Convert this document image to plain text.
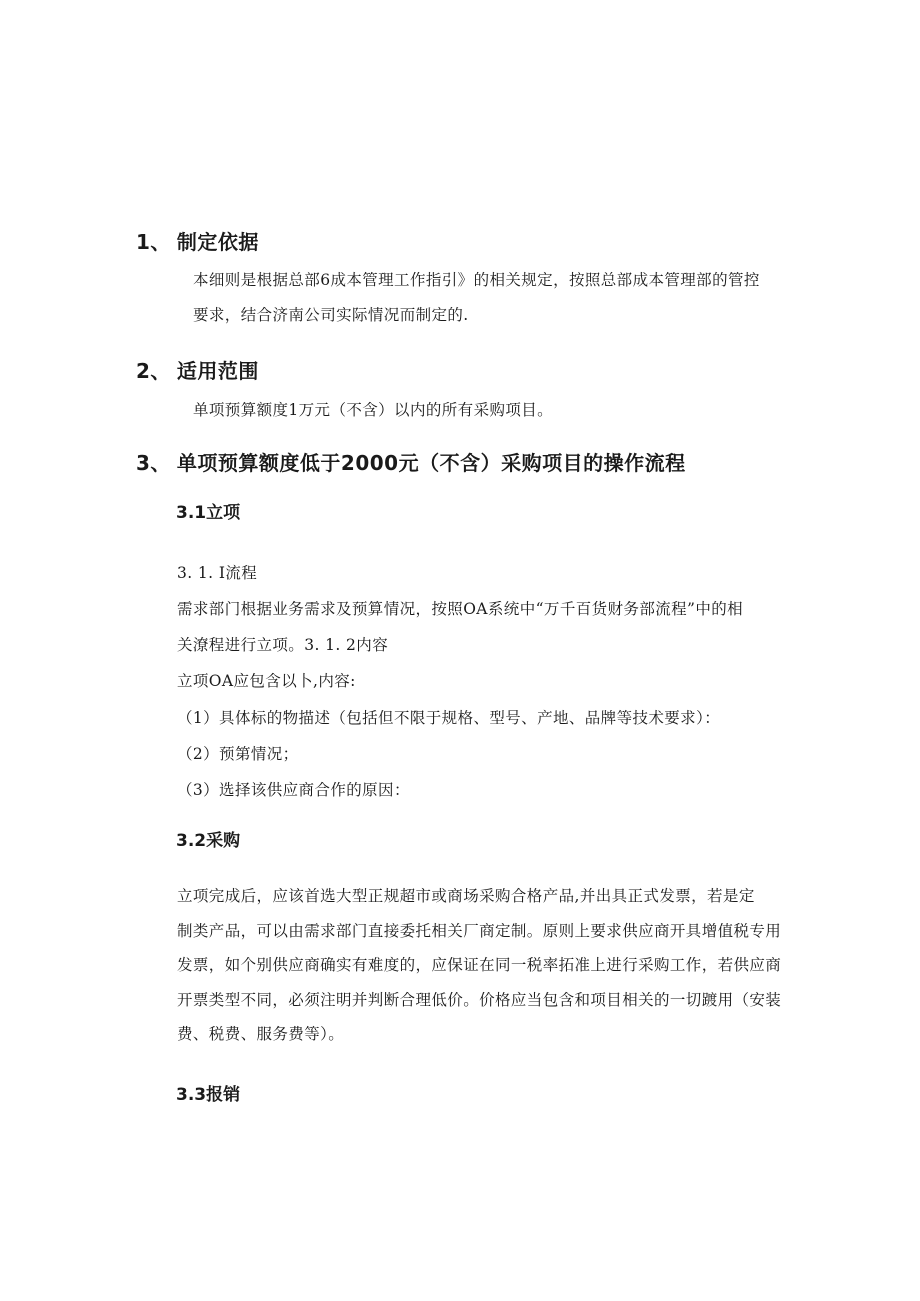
1、 制定依据
本细则是根据总部6成本管理工作指引》的相关规定，按照总部成本管理部的管控
要求，结合济南公司实际情况而制定的.
2、 适用范围
单项预算额度1万元（不含）以内的所有采购项目。
3、 单项预算额度低于2000元（不含）采购项目的操作流程
3.1立项
3. 1. I流程
需求部门根据业务需求及预算情况，按照OA系统中“万千百货财务部流程”中的相
关潦程进行立项。3. 1. 2内容
立项OA应包含以卜,内容:
（1）具体标的物描述（包括但不限于规格、型号、产地、品牌等技术要求）：
（2）预第情况；
（3）选择该供应商合作的原因：
3.2采购
立项完成后，应该首选大型正规超市或商场采购合格产品,并出具正式发票，若是定
制类产品，可以由需求部门直接委托相关厂商定制。原则上要求供应商开具增值税专用
发票，如个别供应商确实有难度的，应保证在同一税率拓准上进行采购工作，若供应商
开票类型不同，必须注明并判断合理低价。价格应当包含和项目相关的一切踱用（安装
费、税费、服务费等）。
3.3报销
